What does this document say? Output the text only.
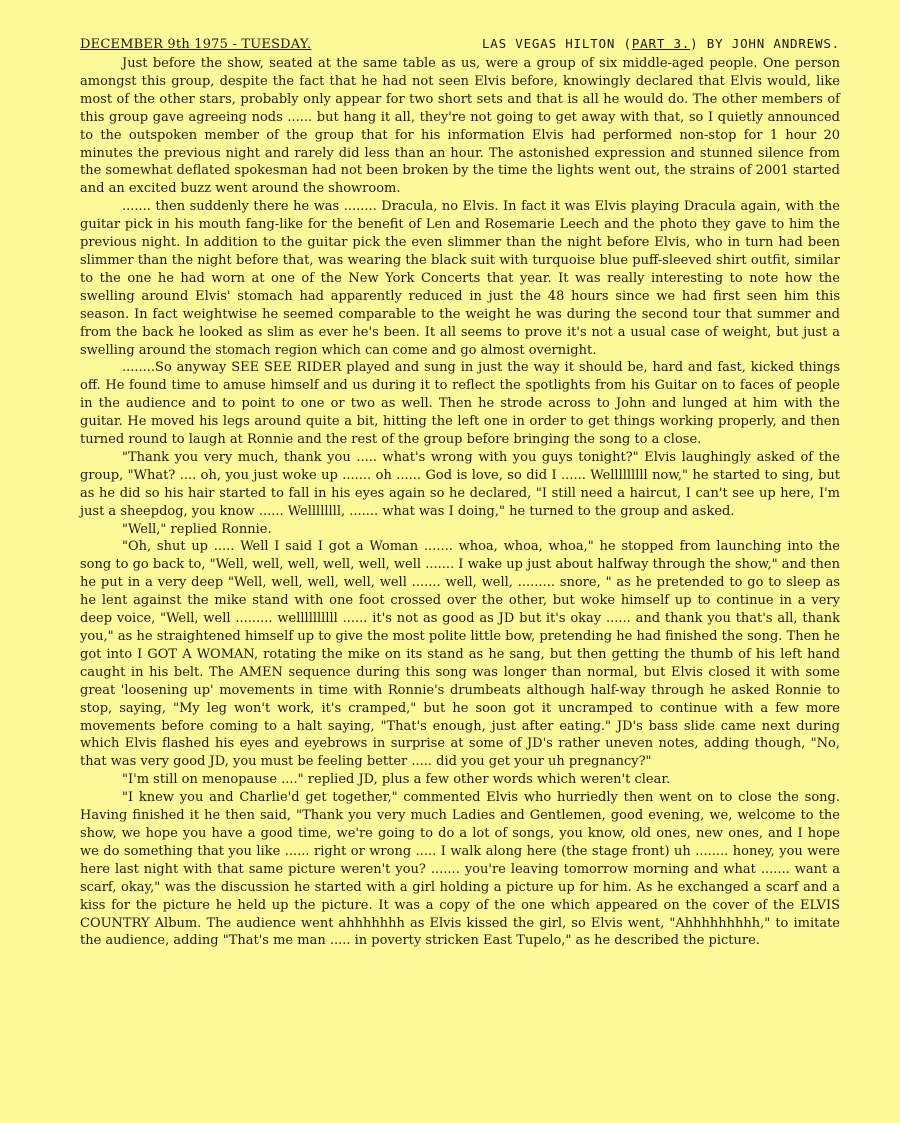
DECEMBER 9th 1975 - TUESDAY.	LAS VEGAS HILTON (PART 3.) BY JOHN ANDREWS.

Just before the show, seated at the same table as us, were a group of six middle-aged people. One person amongst this group, despite the fact that he had not seen Elvis before, knowingly declared that Elvis would, like most of the other stars, probably only appear for two short sets and that is all he would do. The other members of this group gave agreeing nods ...... but hang it all, they're not going to get away with that, so I quietly announced to the outspoken member of the group that for his information Elvis had performed non-stop for 1 hour 20 minutes the previous night and rarely did less than an hour. The astonished expression and stunned silence from the somewhat deflated spokesman had not been broken by the time the lights went out, the strains of 2001 started and an excited buzz went around the showroom.

....... then suddenly there he was ........ Dracula, no Elvis. In fact it was Elvis playing Dracula again, with the guitar pick in his mouth fang-like for the benefit of Len and Rosemarie Leech and the photo they gave to him the previous night. In addition to the guitar pick the even slimmer than the night before Elvis, who in turn had been slimmer than the night before that, was wearing the black suit with turquoise blue puff-sleeved shirt outfit, similar to the one he had worn at one of the New York Concerts that year. It was really interesting to note how the swelling around Elvis' stomach had apparently reduced in just the 48 hours since we had first seen him this season. In fact weightwise he seemed comparable to the weight he was during the second tour that summer and from the back he looked as slim as ever he's been. It all seems to prove it's not a usual case of weight, but just a swelling around the stomach region which can come and go almost overnight.

........So anyway SEE SEE RIDER played and sung in just the way it should be, hard and fast, kicked things off. He found time to amuse himself and us during it to reflect the spotlights from his Guitar on to faces of people in the audience and to point to one or two as well. Then he strode across to John and lunged at him with the guitar. He moved his legs around quite a bit, hitting the left one in order to get things working properly, and then turned round to laugh at Ronnie and the rest of the group before bringing the song to a close.

"Thank you very much, thank you ..... what's wrong with you guys tonight?" Elvis laughingly asked of the group, "What? .... oh, you just woke up ....... oh ...... God is love, so did I ...... Welllllllll now," he started to sing, but as he did so his hair started to fall in his eyes again so he declared, "I still need a haircut, I can't see up here, I'm just a sheepdog, you know ...... Wellllllll, ....... what was I doing," he turned to the group and asked.

"Well," replied Ronnie.

"Oh, shut up ..... Well I said I got a Woman ....... whoa, whoa, whoa," he stopped from launching into the song to go back to, "Well, well, well, well, well, well ....... I wake up just about halfway through the show," and then he put in a very deep "Well, well, well, well, well ....... well, well, ......... snore, " as he pretended to go to sleep as he lent against the mike stand with one foot crossed over the other, but woke himself up to continue in a very deep voice, "Well, well ......... wellllllllll ...... it's not as good as JD but it's okay ...... and thank you that's all, thank you," as he straightened himself up to give the most polite little bow, pretending he had finished the song. Then he got into I GOT A WOMAN, rotating the mike on its stand as he sang, but then getting the thumb of his left hand caught in his belt. The AMEN sequence during this song was longer than normal, but Elvis closed it with some great 'loosening up' movements in time with Ronnie's drumbeats although half-way through he asked Ronnie to stop, saying, "My leg won't work, it's cramped," but he soon got it uncramped to continue with a few more movements before coming to a halt saying, "That's enough, just after eating." JD's bass slide came next during which Elvis flashed his eyes and eyebrows in surprise at some of JD's rather uneven notes, adding though, "No, that was very good JD, you must be feeling better ..... did you get your uh pregnancy?"

"I'm still on menopause ...." replied JD, plus a few other words which weren't clear.

"I knew you and Charlie'd get together," commented Elvis who hurriedly then went on to close the song. Having finished it he then said, "Thank you very much Ladies and Gentlemen, good evening, we, welcome to the show, we hope you have a good time, we're going to do a lot of songs, you know, old ones, new ones, and I hope we do something that you like ...... right or wrong ..... I walk along here (the stage front) uh ........ honey, you were here last night with that same picture weren't you? ....... you're leaving tomorrow morning and what ....... want a scarf, okay," was the discussion he started with a girl holding a picture up for him. As he exchanged a scarf and a kiss for the picture he held up the picture. It was a copy of the one which appeared on the cover of the ELVIS COUNTRY Album. The audience went ahhhhhhh as Elvis kissed the girl, so Elvis went, "Ahhhhhhhhh," to imitate the audience, adding "That's me man ..... in poverty stricken East Tupelo," as he described the picture.
